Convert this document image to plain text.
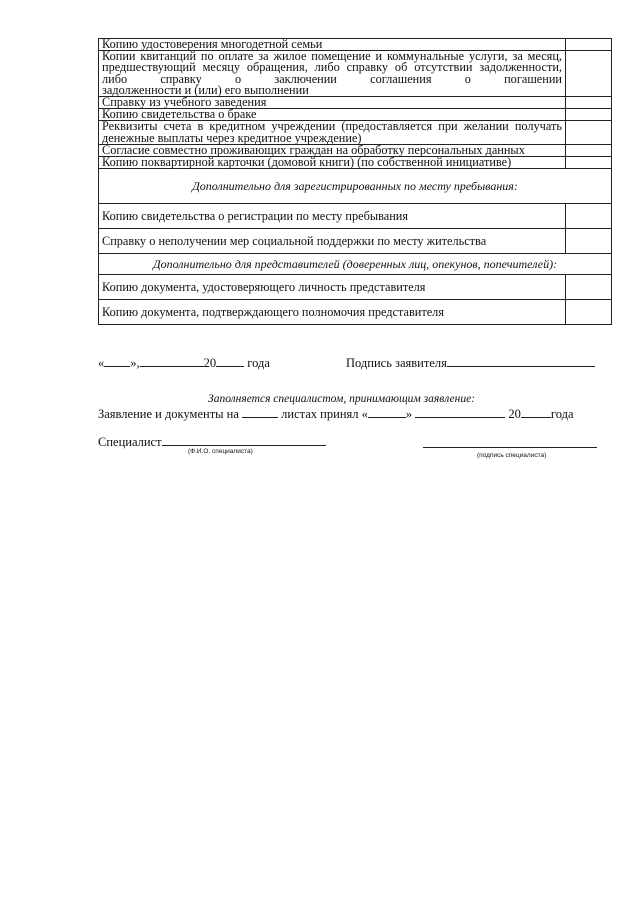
Копию удостоверения многодетной семьи	
Копии квитанций по оплате за жилое помещение и коммунальные услуги, за месяц, предшествующий месяцу обращения, либо справку об отсутствии задолженности, либо справку о заключении соглашения о погашении
задолженности и (или) его выполнении	

Справку из учебного заведения	
Копию свидетельства о браке	
Реквизиты счета в кредитном учреждении (предоставляется при желании получать
денежные выплаты через кредитное учреждение)	

Согласие совместно проживающих граждан на обработку персональных данных	
Копию поквартирной карточки (домовой книги) (по собственной инициативе)	
Дополнительно для зарегистрированных по месту пребывания:	
Копию свидетельства о регистрации по месту пребывания	
Справку о неполучении мер социальной поддержки по месту жительства	
Дополнительно для представителей (доверенных лиц, опекунов, попечителей):	
Копию документа, удостоверяющего личность представителя	
Копию документа, подтверждающего полномочия представителя	
« »,	20 года	Подпись заявителя
Заполняется специалистом, принимающим заявление:
Заявление и документы на	листах принял «	»	20 года
Специалист
(Ф.И.О. специалиста)
(подпись специалиста)
